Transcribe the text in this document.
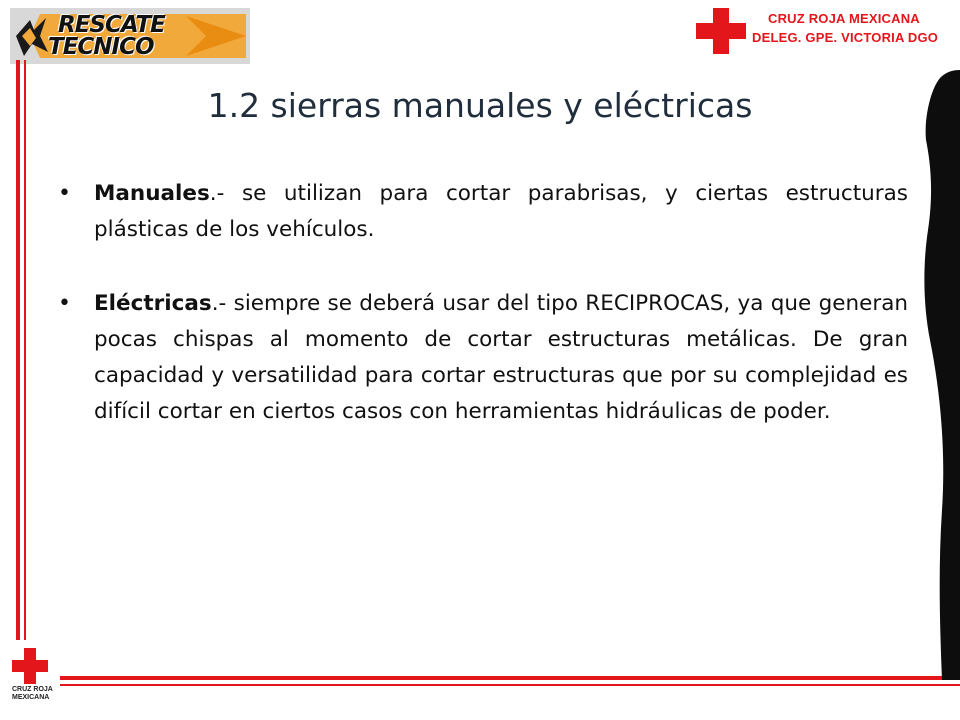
RESCATE
TECNICO
CRUZ ROJA MEXICANA
DELEG. GPE. VICTORIA DGO
1.2 sierras manuales y eléctricas
• Manuales.- se utilizan para cortar parabrisas, y ciertas estructuras plásticas de los vehículos.
• Eléctricas.- siempre se deberá usar del tipo RECIPROCAS, ya que generan pocas chispas al momento de cortar estructuras metálicas. De gran capacidad y versatilidad para cortar estructuras que por su complejidad es difícil cortar en ciertos casos con herramientas hidráulicas de poder.
CRUZ ROJA
MEXICANA
